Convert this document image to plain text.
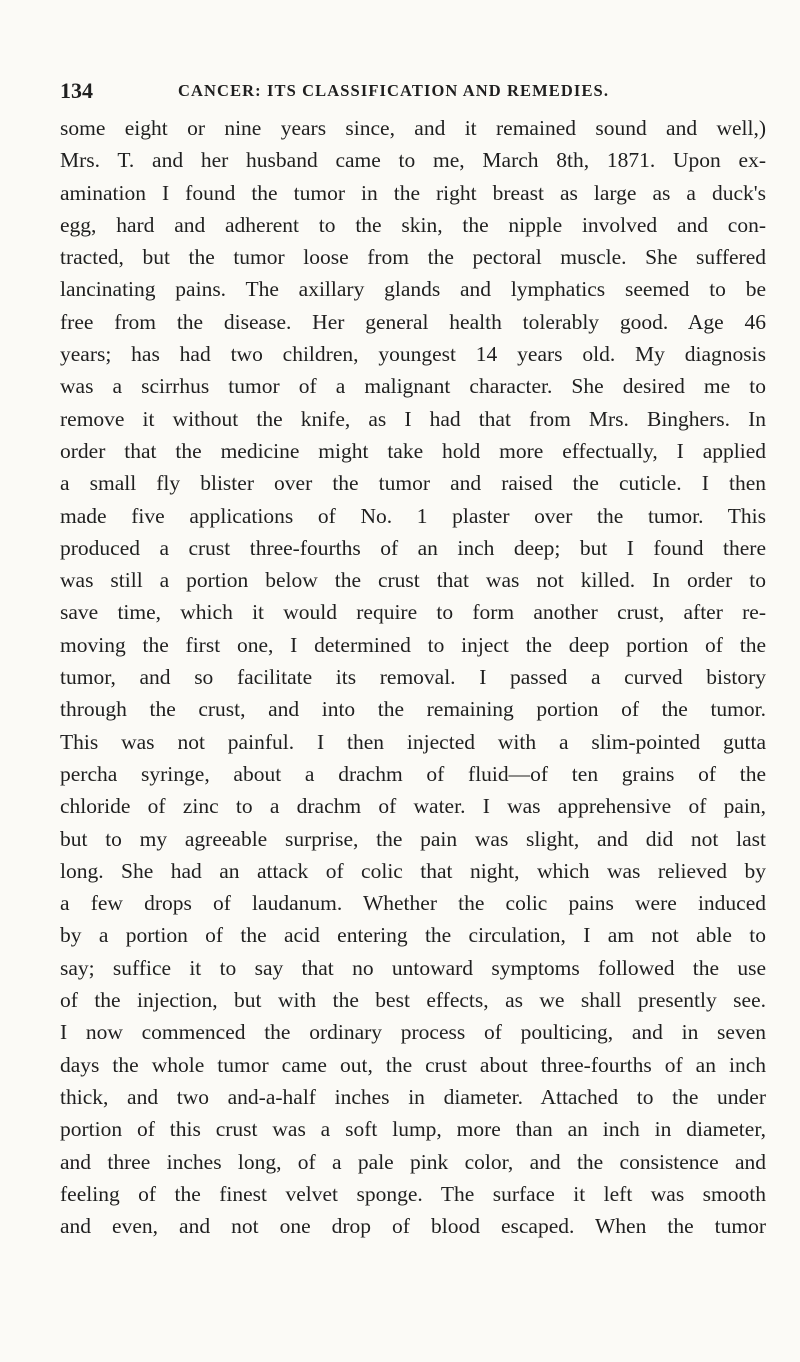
134	CANCER: ITS CLASSIFICATION AND REMEDIES.
some eight or nine years since, and it remained sound and well,)
Mrs. T. and her husband came to me, March 8th, 1871. Upon ex-
amination I found the tumor in the right breast as large as a duck's
egg, hard and adherent to the skin, the nipple involved and con-
tracted, but the tumor loose from the pectoral muscle. She suffered
lancinating pains. The axillary glands and lymphatics seemed to be
free from the disease. Her general health tolerably good. Age 46
years; has had two children, youngest 14 years old. My diagnosis
was a scirrhus tumor of a malignant character. She desired me to
remove it without the knife, as I had that from Mrs. Binghers. In
order that the medicine might take hold more effectually, I applied
a small fly blister over the tumor and raised the cuticle. I then
made five applications of No. 1 plaster over the tumor. This
produced a crust three-fourths of an inch deep; but I found there
was still a portion below the crust that was not killed. In order to
save time, which it would require to form another crust, after re-
moving the first one, I determined to inject the deep portion of the
tumor, and so facilitate its removal. I passed a curved bistory
through the crust, and into the remaining portion of the tumor.
This was not painful. I then injected with a slim-pointed gutta
percha syringe, about a drachm of fluid—of ten grains of the
chloride of zinc to a drachm of water. I was apprehensive of pain,
but to my agreeable surprise, the pain was slight, and did not last
long. She had an attack of colic that night, which was relieved by
a few drops of laudanum. Whether the colic pains were induced
by a portion of the acid entering the circulation, I am not able to
say; suffice it to say that no untoward symptoms followed the use
of the injection, but with the best effects, as we shall presently see.
I now commenced the ordinary process of poulticing, and in seven
days the whole tumor came out, the crust about three-fourths of an inch
thick, and two and-a-half inches in diameter. Attached to the under
portion of this crust was a soft lump, more than an inch in diameter,
and three inches long, of a pale pink color, and the consistence and
feeling of the finest velvet sponge. The surface it left was smooth
and even, and not one drop of blood escaped. When the tumor
